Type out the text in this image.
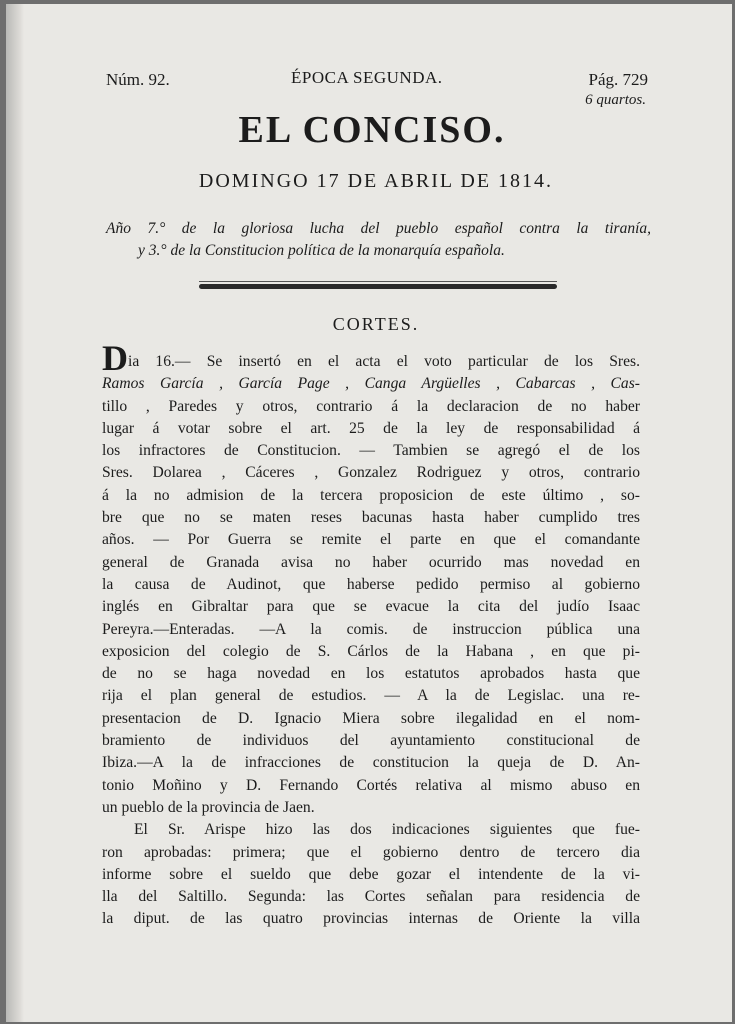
Núm. 92.	ÉPOCA SEGUNDA.	Pág. 729
6 quartos.
EL CONCISO.
DOMINGO 17 DE ABRIL DE 1814.
Año 7.° de la gloriosa lucha del pueblo español contra la tiranía,
y 3.° de la Constitucion política de la monarquía española.
CORTES.
Dia 16.— Se insertó en el acta el voto particular de los Sres.
Ramos García , García Page , Canga Argüelles , Cabarcas , Cas-
tillo , Paredes y otros, contrario á la declaracion de no haber
lugar á votar sobre el art. 25 de la ley de responsabilidad á
los infractores de Constitucion. — Tambien se agregó el de los
Sres. Dolarea , Cáceres , Gonzalez Rodriguez y otros, contrario
á la no admision de la tercera proposicion de este último , so-
bre que no se maten reses bacunas hasta haber cumplido tres
años. — Por Guerra se remite el parte en que el comandante
general de Granada avisa no haber ocurrido mas novedad en
la causa de Audinot, que haberse pedido permiso al gobierno
inglés en Gibraltar para que se evacue la cita del judío Isaac
Pereyra.—Enteradas. —A la comis. de instruccion pública una
exposicion del colegio de S. Cárlos de la Habana , en que pi-
de no se haga novedad en los estatutos aprobados hasta que
rija el plan general de estudios. — A la de Legislac. una re-
presentacion de D. Ignacio Miera sobre ilegalidad en el nom-
bramiento de individuos del ayuntamiento constitucional de
Ibiza.—A la de infracciones de constitucion la queja de D. An-
tonio Moñino y D. Fernando Cortés relativa al mismo abuso en
un pueblo de la provincia de Jaen.
El Sr. Arispe hizo las dos indicaciones siguientes que fue-
ron aprobadas: primera; que el gobierno dentro de tercero dia
informe sobre el sueldo que debe gozar el intendente de la vi-
lla del Saltillo. Segunda: las Cortes señalan para residencia de
la diput. de las quatro provincias internas de Oriente la villa
